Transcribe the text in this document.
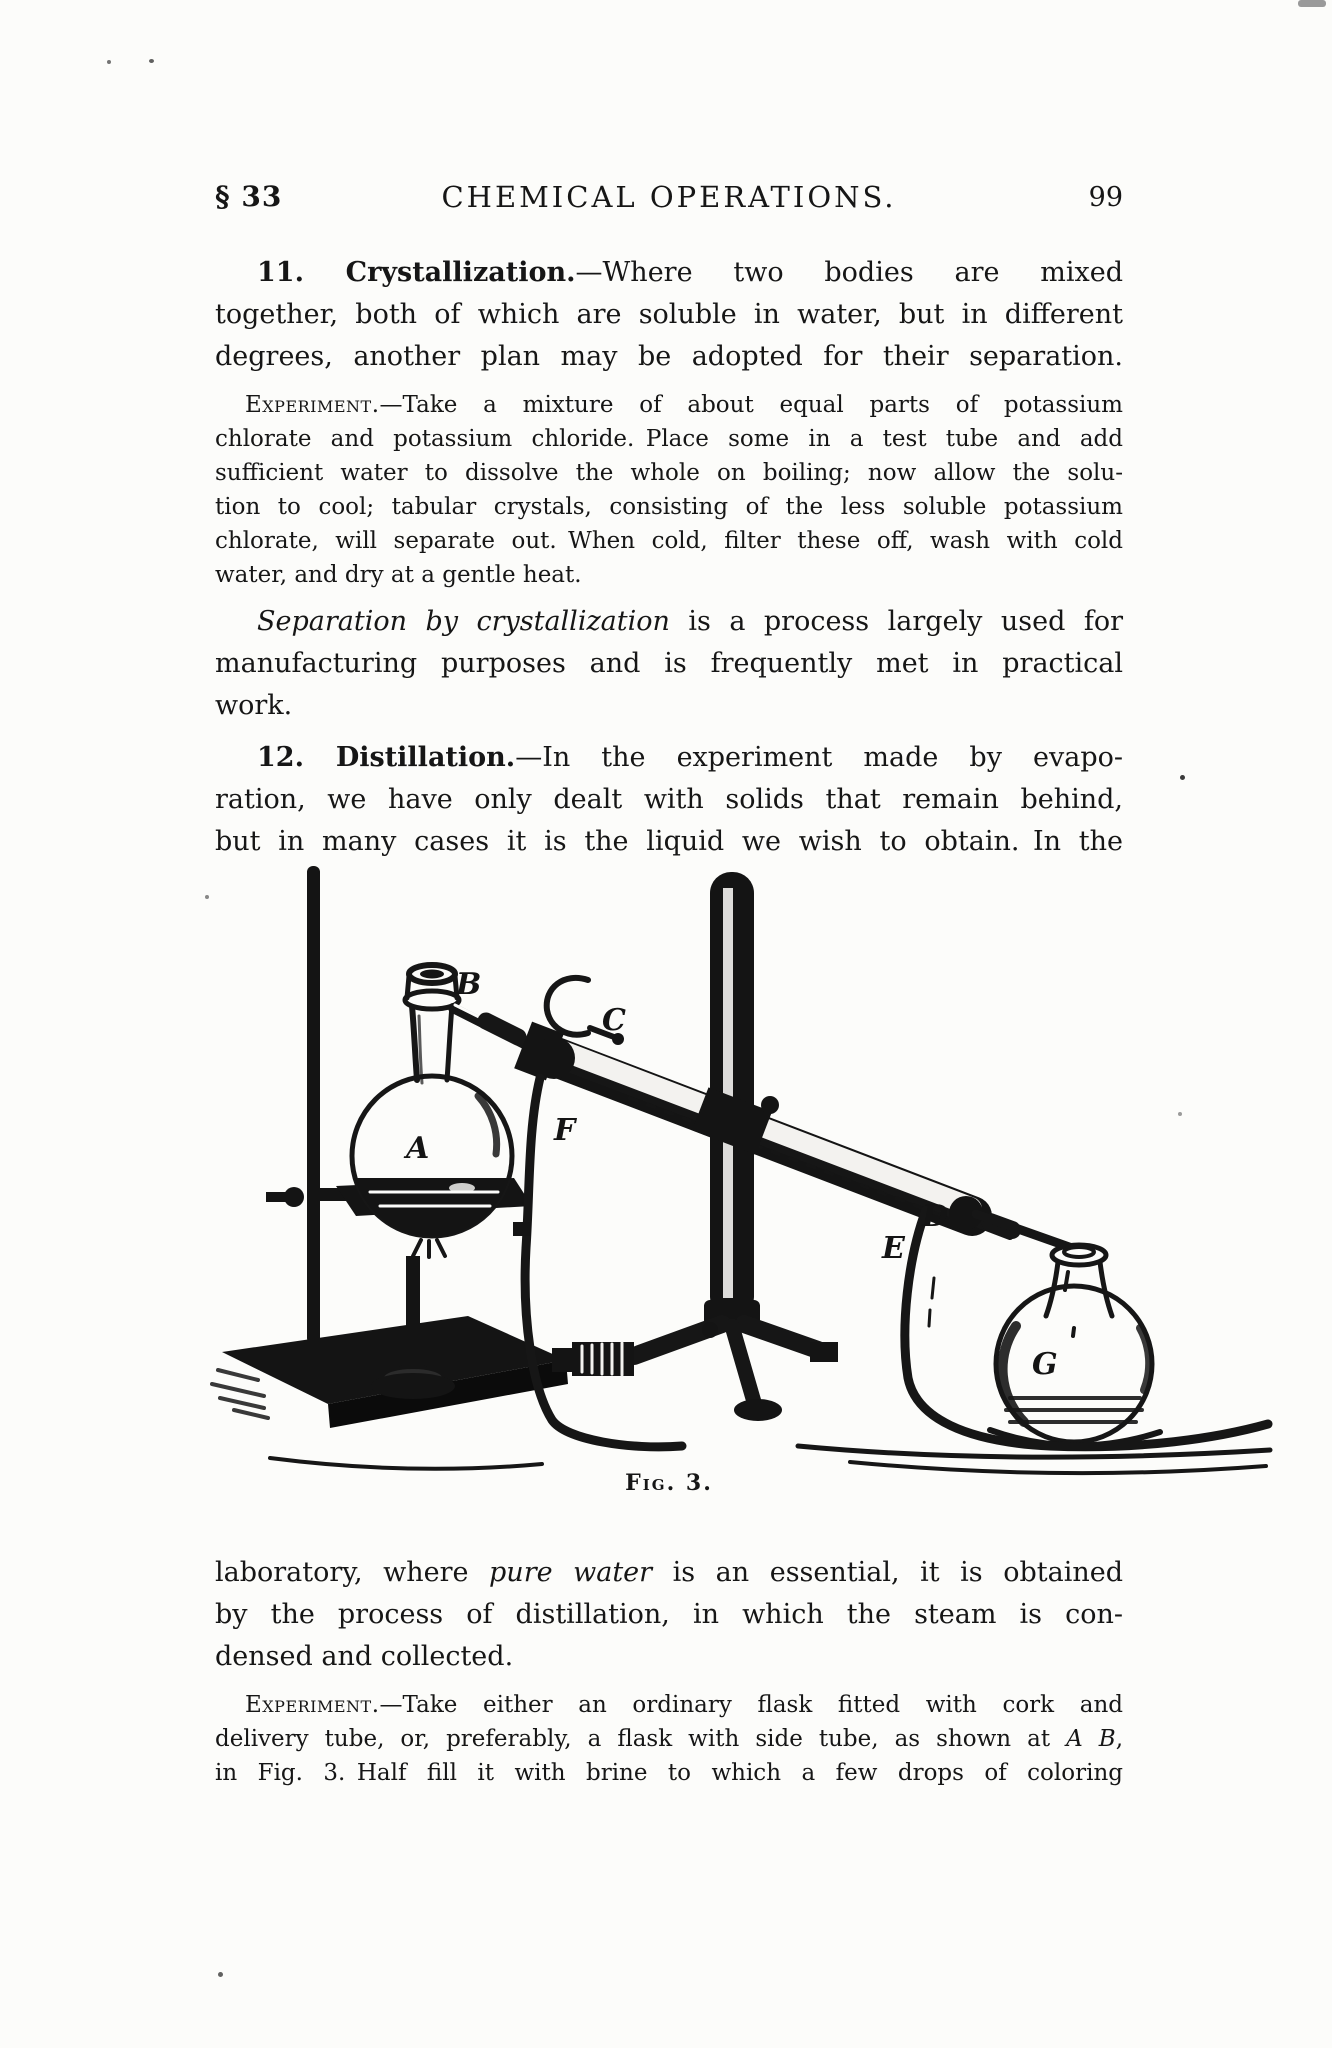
§ 33	CHEMICAL OPERATIONS.	99
11. Crystallization.—Where two bodies are mixed
together, both of which are soluble in water, but in different
degrees, another plan may be adopted for their separation.
Experiment.—Take a mixture of about equal parts of potassium
chlorate and potassium chloride. Place some in a test tube and add
sufficient water to dissolve the whole on boiling; now allow the solu-
tion to cool; tabular crystals, consisting of the less soluble potassium
chlorate, will separate out. When cold, filter these off, wash with cold
water, and dry at a gentle heat.
Separation by crystallization is a process largely used for
manufacturing purposes and is frequently met in practical
work.
12. Distillation.—In the experiment made by evapo-
ration, we have only dealt with solids that remain behind,
but in many cases it is the liquid we wish to obtain. In the
A
B
C
D
E
F
G
Fig. 3.
laboratory, where pure water is an essential, it is obtained
by the process of distillation, in which the steam is con-
densed and collected.
Experiment.—Take either an ordinary flask fitted with cork and
delivery tube, or, preferably, a flask with side tube, as shown at A B,
in Fig. 3. Half fill it with brine to which a few drops of coloring
